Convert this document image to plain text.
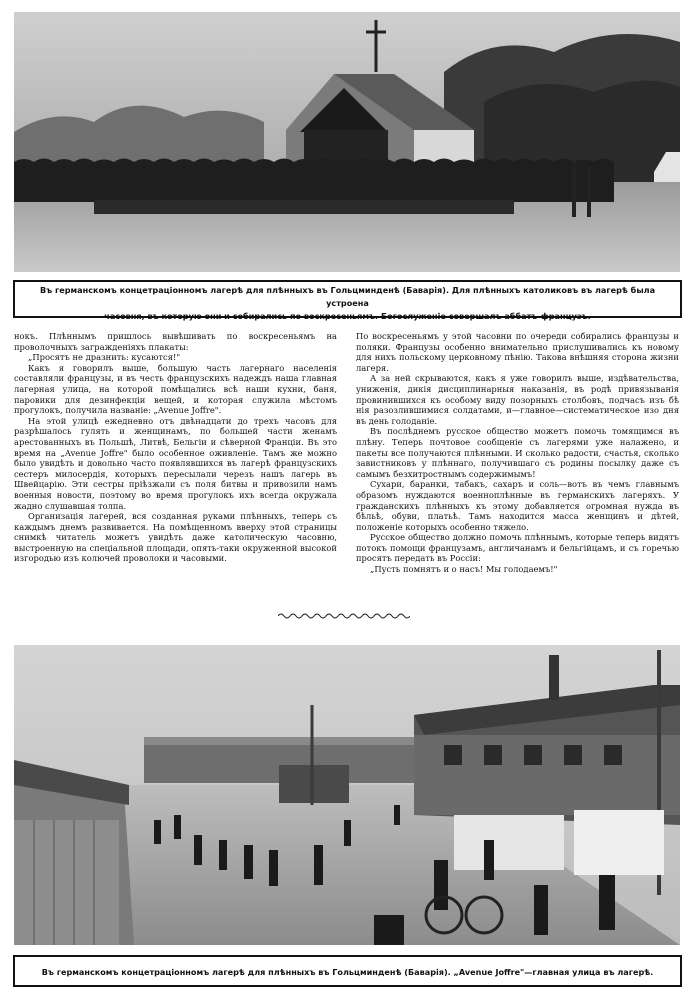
Въ германскомъ концетраціонномъ лагерѣ для плѣнныхъ въ Гольцминденѣ (Баварія). Для плѣнныхъ католиковъ въ лагерѣ была устроена
часовня, въ которую они и собирались по воскресеньямъ. Богослуженіе совершалъ аббатъ-французъ.

нокъ. Плѣннымъ пришлось вывѣшивать по воскресеньямъ на проволочныхъ загражденіяхъ плакаты:

„Просятъ не дразнить: кусаются!"

Какъ я говорилъ выше, большую часть лагернаго населенія составляли французы, и въ честь французскихъ надеждъ наша главная лагерная улица, на которой помѣщались всѣ наши кухни, баня, паровики для дезинфекціи вещей, и которая служила мѣстомъ прогулокъ, получила названіе: „Avenue Joffre".

На этой улицѣ ежедневно отъ двѣнадцати до трехъ часовъ для разрѣшалось гулять и женщинамъ, по большей части женамъ арестованныхъ въ Польшѣ, Литвѣ, Бельгіи и сѣверной Франціи. Въ это время на „Avenue Joffre" было особенное оживленіе. Тамъ же можно было увидѣть и довольно часто появлявшихся въ лагерѣ французскихъ сестеръ милосердія, которыхъ пересылали черезъ нашъ лагерь въ Швейцарію. Эти сестры пріѣзжали съ поля битвы и привозили намъ военныя новости, поэтому во время прогулокъ ихъ всегда окружала жадно слушавшая толпа.

Организація лагерей, вся созданная руками плѣнныхъ, теперь съ каждымъ днемъ развивается. На помѣщенномъ вверху этой страницы снимкѣ читатель можетъ увидѣть даже католическую часовню, выстроенную на спеціальной площади, опять-таки окруженной высокой изгородью изъ колючей проволоки и часовыми.

По воскресеньямъ у этой часовни по очереди собирались французы и поляки. Французы особенно внимательно прислушивались къ новому для нихъ польскому церковному пѣнію. Такова внѣшняя сторона жизни лагеря.

А за ней скрываются, какъ я уже говорилъ выше, издѣвательства, униженія, дикія дисциплинарныя наказанія, въ родѣ привязыванія провинившихся къ особому виду позорныхъ столбовъ, подчасъ изъ бѣ нія разозлившимися солдатами, и—главное—систематическое изо дня въ день голоданіе.

Въ послѣднемъ русское общество можетъ помочь томящимся въ плѣну. Теперь почтовое сообщеніе съ лагерями уже налажено, и пакеты все получаются плѣнными. И сколько радости, счастья, сколько завистниковъ у плѣннаго, получившаго съ родины посылку даже съ самымъ безхитростнымъ содержимымъ!

Сухари, баранки, табакъ, сахаръ и соль—вотъ въ чемъ главнымъ образомъ нуждаются военноплѣнные въ германскихъ лагеряхъ. У гражданскихъ плѣнныхъ къ этому добавляется огромная нужда въ бѣльѣ, обуви, платьѣ. Тамъ находится масса женщинъ и дѣтей, положеніе которыхъ особенно тяжело.

Русское общество должно помочь плѣннымъ, которые теперь видятъ потокъ помощи французамъ, англичанамъ и бельгійцамъ, и съ горечью просятъ передать въ Россіи:

„Пусть помнятъ и о насъ! Мы голодаемъ!"

Въ германскомъ концетраціонномъ лагерѣ для плѣнныхъ въ Гольцминденѣ (Баварія). „Avenue Joffre"—главная улица въ лагерѣ.
